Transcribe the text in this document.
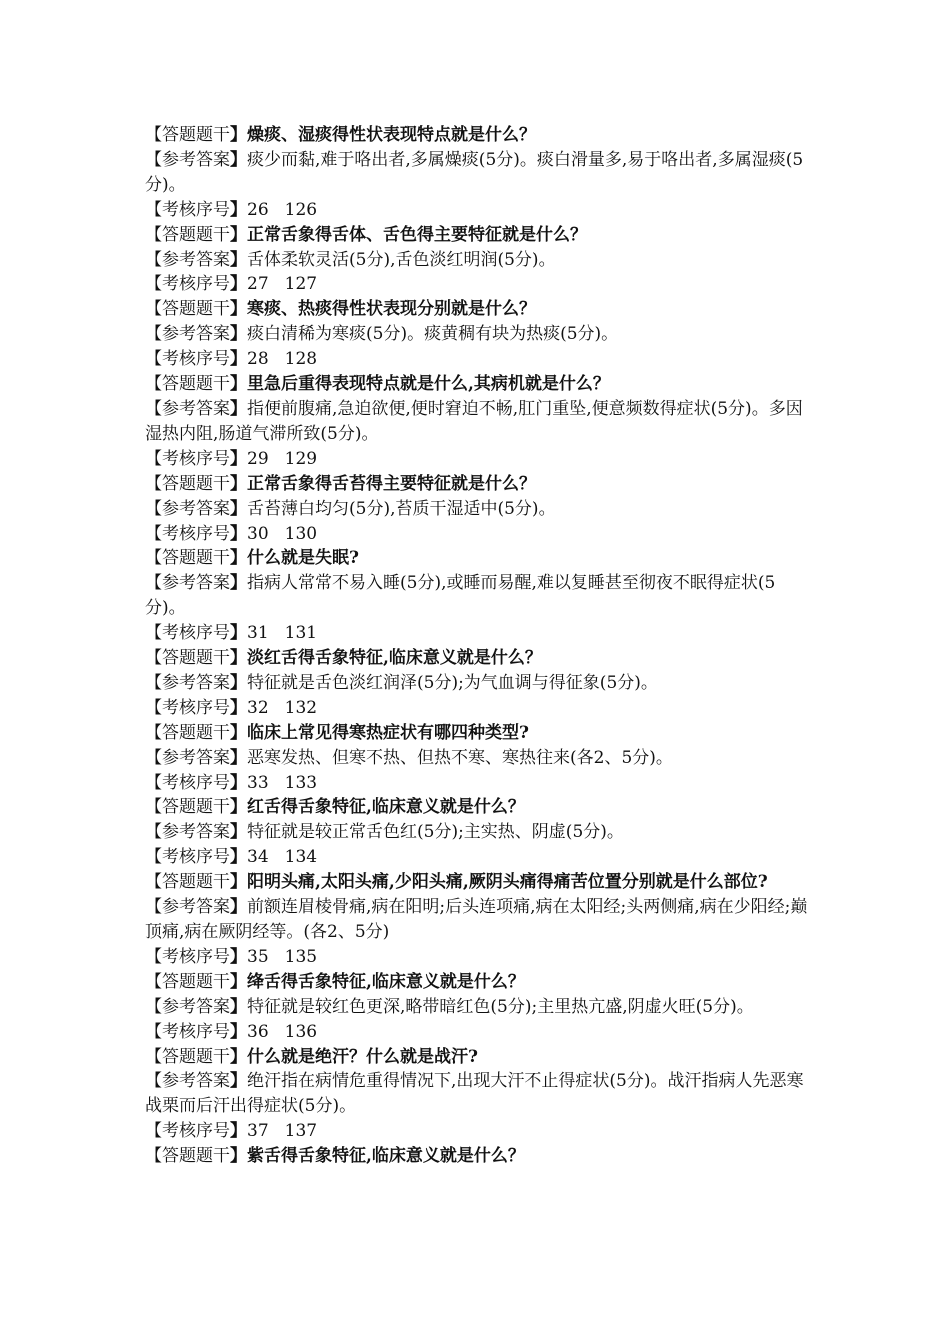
【答题题干】燥痰、湿痰得性状表现特点就是什么？
【参考答案】痰少而黏,难于咯出者,多属燥痰(5分)。痰白滑量多,易于咯出者,多属湿痰(5分)。
【考核序号】26 126
【答题题干】正常舌象得舌体、舌色得主要特征就是什么？
【参考答案】舌体柔软灵活(5分),舌色淡红明润(5分)。
【考核序号】27 127
【答题题干】寒痰、热痰得性状表现分别就是什么？
【参考答案】痰白清稀为寒痰(5分)。痰黄稠有块为热痰(5分)。
【考核序号】28 128
【答题题干】里急后重得表现特点就是什么,其病机就是什么？
【参考答案】指便前腹痛,急迫欲便,便时窘迫不畅,肛门重坠,便意频数得症状(5分)。多因湿热内阻,肠道气滞所致(5分)。
【考核序号】29 129
【答题题干】正常舌象得舌苔得主要特征就是什么？
【参考答案】舌苔薄白均匀(5分),苔质干湿适中(5分)。
【考核序号】30 130
【答题题干】什么就是失眠?
【参考答案】指病人常常不易入睡(5分),或睡而易醒,难以复睡甚至彻夜不眠得症状(5分)。
【考核序号】31 131
【答题题干】淡红舌得舌象特征,临床意义就是什么？
【参考答案】特征就是舌色淡红润泽(5分);为气血调与得征象(5分)。
【考核序号】32 132
【答题题干】临床上常见得寒热症状有哪四种类型?
【参考答案】恶寒发热、但寒不热、但热不寒、寒热往来(各2、5分)。
【考核序号】33 133
【答题题干】红舌得舌象特征,临床意义就是什么？
【参考答案】特征就是较正常舌色红(5分);主实热、阴虚(5分)。
【考核序号】34 134
【答题题干】阳明头痛,太阳头痛,少阳头痛,厥阴头痛得痛苦位置分别就是什么部位?
【参考答案】前额连眉棱骨痛,病在阳明;后头连项痛,病在太阳经;头两侧痛,病在少阳经;巅顶痛,病在厥阴经等。(各2、5分)
【考核序号】35 135
【答题题干】绛舌得舌象特征,临床意义就是什么？
【参考答案】特征就是较红色更深,略带暗红色(5分);主里热亢盛,阴虚火旺(5分)。
【考核序号】36 136
【答题题干】什么就是绝汗？什么就是战汗?
【参考答案】绝汗指在病情危重得情况下,出现大汗不止得症状(5分)。战汗指病人先恶寒战栗而后汗出得症状(5分)。
【考核序号】37 137
【答题题干】紫舌得舌象特征,临床意义就是什么？
